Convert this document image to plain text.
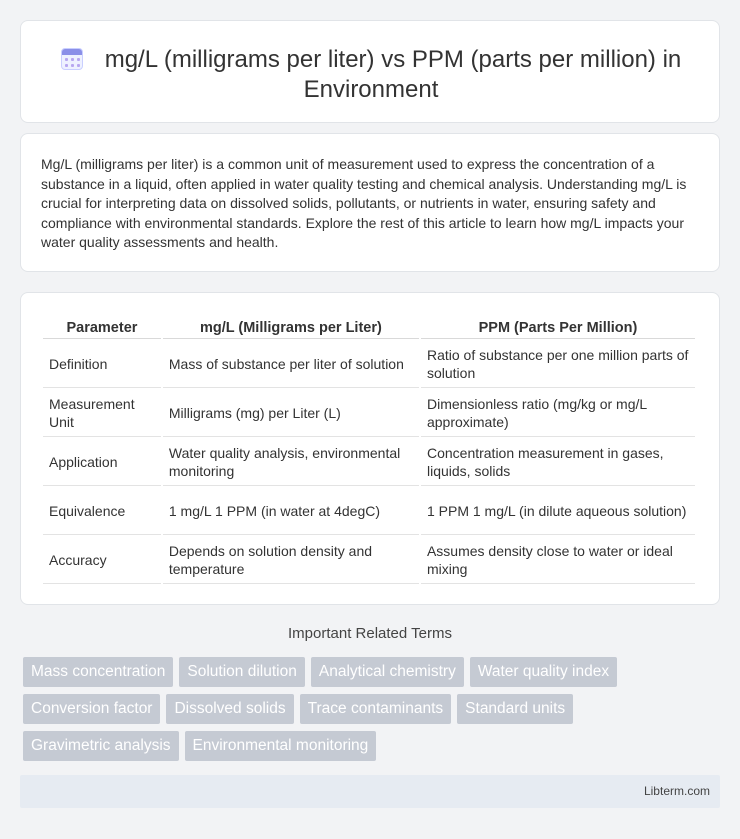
mg/L (milligrams per liter) vs PPM (parts per million) in
Environment

Mg/L (milligrams per liter) is a common unit of measurement used to express the concentration of a substance in a liquid, often applied in water quality testing and chemical analysis. Understanding mg/L is crucial for interpreting data on dissolved solids, pollutants, or nutrients in water, ensuring safety and compliance with environmental standards. Explore the rest of this article to learn how mg/L impacts your water quality assessments and health.

Parameter	mg/L (Milligrams per Liter)	PPM (Parts Per Million)
Definition	Mass of substance per liter of solution	Ratio of substance per one million parts of solution
Measurement Unit	Milligrams (mg) per Liter (L)	Dimensionless ratio (mg/kg or mg/L approximate)
Application	Water quality analysis, environmental monitoring	Concentration measurement in gases, liquids, solids
Equivalence	1 mg/L 1 PPM (in water at 4degC)	1 PPM 1 mg/L (in dilute aqueous solution)
Accuracy	Depends on solution density and temperature	Assumes density close to water or ideal mixing
Important Related Terms
Mass concentration	Solution dilution	Analytical chemistry	Water quality index
Conversion factor	Dissolved solids	Trace contaminants	Standard units
Gravimetric analysis	Environmental monitoring
Libterm.com
